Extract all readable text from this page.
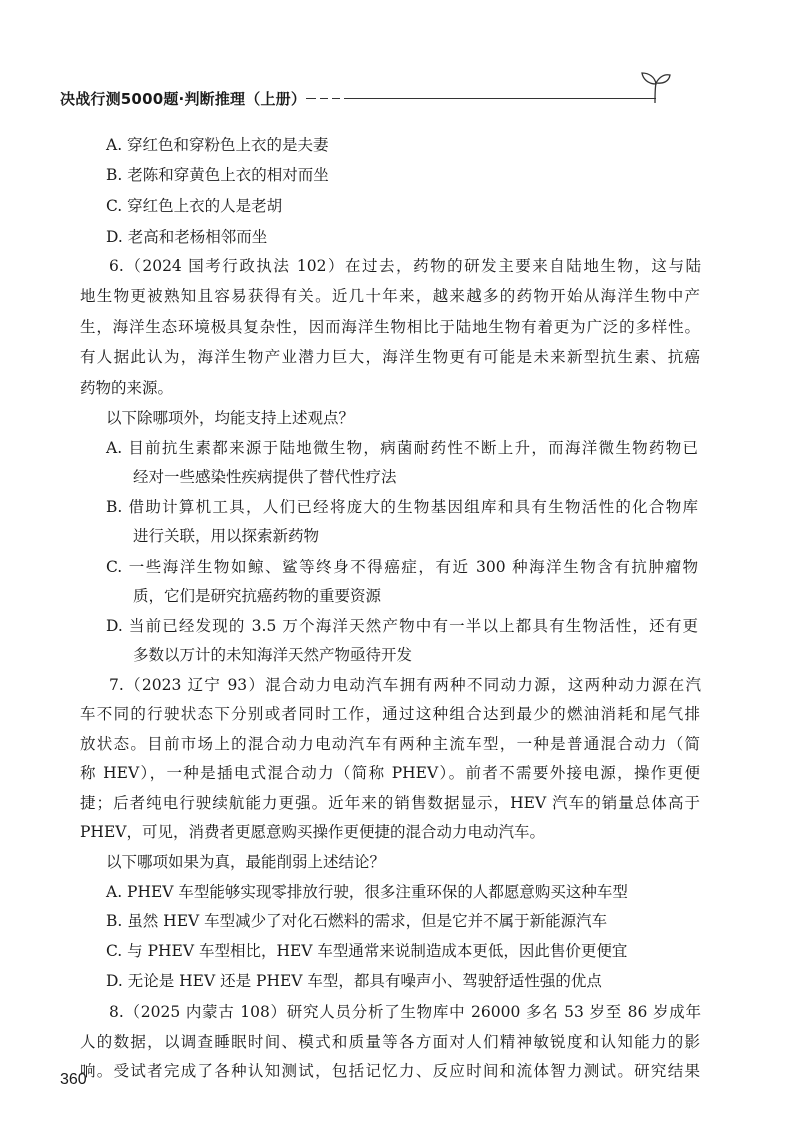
决战行测5000题·判断推理（上册）
A. 穿红色和穿粉色上衣的是夫妻
B. 老陈和穿黄色上衣的相对而坐
C. 穿红色上衣的人是老胡
D. 老高和老杨相邻而坐
6.（2024 国考行政执法 102）在过去，药物的研发主要来自陆地生物，这与陆
地生物更被熟知且容易获得有关。近几十年来，越来越多的药物开始从海洋生物中产
生，海洋生态环境极具复杂性，因而海洋生物相比于陆地生物有着更为广泛的多样性。
有人据此认为，海洋生物产业潜力巨大，海洋生物更有可能是未来新型抗生素、抗癌
药物的来源。
以下除哪项外，均能支持上述观点？
A. 目前抗生素都来源于陆地微生物，病菌耐药性不断上升，而海洋微生物药物已
经对一些感染性疾病提供了替代性疗法
B. 借助计算机工具，人们已经将庞大的生物基因组库和具有生物活性的化合物库
进行关联，用以探索新药物
C. 一些海洋生物如鲸、鲨等终身不得癌症，有近 300 种海洋生物含有抗肿瘤物
质，它们是研究抗癌药物的重要资源
D. 当前已经发现的 3.5 万个海洋天然产物中有一半以上都具有生物活性，还有更
多数以万计的未知海洋天然产物亟待开发
7.（2023 辽宁 93）混合动力电动汽车拥有两种不同动力源，这两种动力源在汽
车不同的行驶状态下分别或者同时工作，通过这种组合达到最少的燃油消耗和尾气排
放状态。目前市场上的混合动力电动汽车有两种主流车型，一种是普通混合动力（简
称 HEV），一种是插电式混合动力（简称 PHEV）。前者不需要外接电源，操作更便
捷；后者纯电行驶续航能力更强。近年来的销售数据显示，HEV 汽车的销量总体高于
PHEV，可见，消费者更愿意购买操作更便捷的混合动力电动汽车。
以下哪项如果为真，最能削弱上述结论？
A. PHEV 车型能够实现零排放行驶，很多注重环保的人都愿意购买这种车型
B. 虽然 HEV 车型减少了对化石燃料的需求，但是它并不属于新能源汽车
C. 与 PHEV 车型相比，HEV 车型通常来说制造成本更低，因此售价更便宜
D. 无论是 HEV 还是 PHEV 车型，都具有噪声小、驾驶舒适性强的优点
8.（2025 内蒙古 108）研究人员分析了生物库中 26000 多名 53 岁至 86 岁成年
人的数据，以调查睡眠时间、模式和质量等各方面对人们精神敏锐度和认知能力的影
响。受试者完成了各种认知测试，包括记忆力、反应时间和流体智力测试。研究结果
360
